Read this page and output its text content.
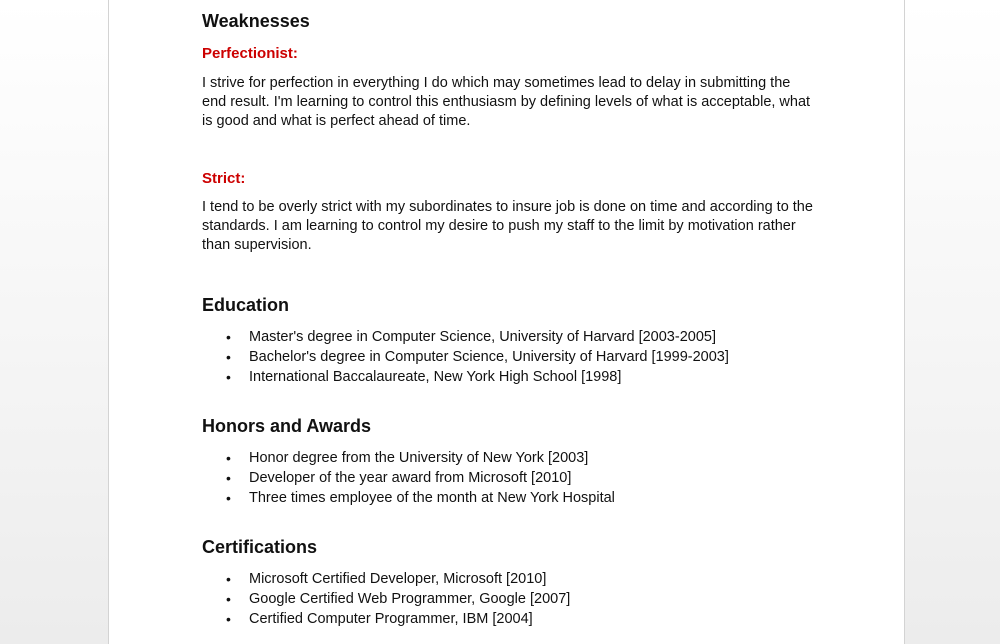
Weaknesses
Perfectionist:
I strive for perfection in everything I do which may sometimes lead to delay in submitting the end result. I'm learning to control this enthusiasm by defining levels of what is acceptable, what is good and what is perfect ahead of time.
Strict:
I tend to be overly strict with my subordinates to insure job is done on time and according to the standards. I am learning to control my desire to push my staff to the limit by motivation rather than supervision.
Education
• Master's degree in Computer Science, University of Harvard [2003-2005]
• Bachelor's degree in Computer Science, University of Harvard [1999-2003]
• International Baccalaureate, New York High School [1998]
Honors and Awards
• Honor degree from the University of New York [2003]
• Developer of the year award from Microsoft [2010]
• Three times employee of the month at New York Hospital
Certifications
• Microsoft Certified Developer, Microsoft [2010]
• Google Certified Web Programmer, Google [2007]
• Certified Computer Programmer, IBM [2004]
